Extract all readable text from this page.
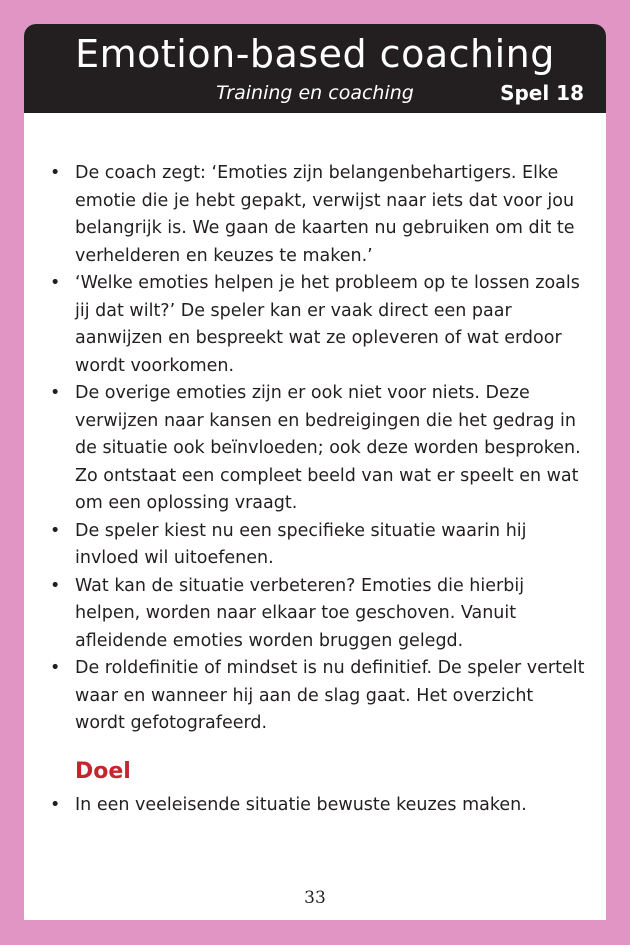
Emotion-based coaching
Training en coaching	Spel 18
• De coach zegt: ‘Emoties zijn belangenbehartigers. Elke emotie die je hebt gepakt, verwijst naar iets dat voor jou belangrijk is. We gaan de kaarten nu gebruiken om dit te verhelderen en keuzes te maken.’
• ‘Welke emoties helpen je het probleem op te lossen zoals jij dat wilt?’ De speler kan er vaak direct een paar aanwijzen en bespreekt wat ze opleveren of wat erdoor wordt voorkomen.
• De overige emoties zijn er ook niet voor niets. Deze verwijzen naar kansen en bedreigingen die het gedrag in de situatie ook beïnvloeden; ook deze worden besproken. Zo ontstaat een compleet beeld van wat er speelt en wat om een oplossing vraagt.
• De speler kiest nu een specifieke situatie waarin hij invloed wil uitoefenen.
• Wat kan de situatie verbeteren? Emoties die hierbij helpen, worden naar elkaar toe geschoven. Vanuit afleidende emoties worden bruggen gelegd.
• De roldefinitie of mindset is nu definitief. De speler vertelt waar en wanneer hij aan de slag gaat. Het overzicht wordt gefotografeerd.
Doel
• In een veeleisende situatie bewuste keuzes maken.
33
